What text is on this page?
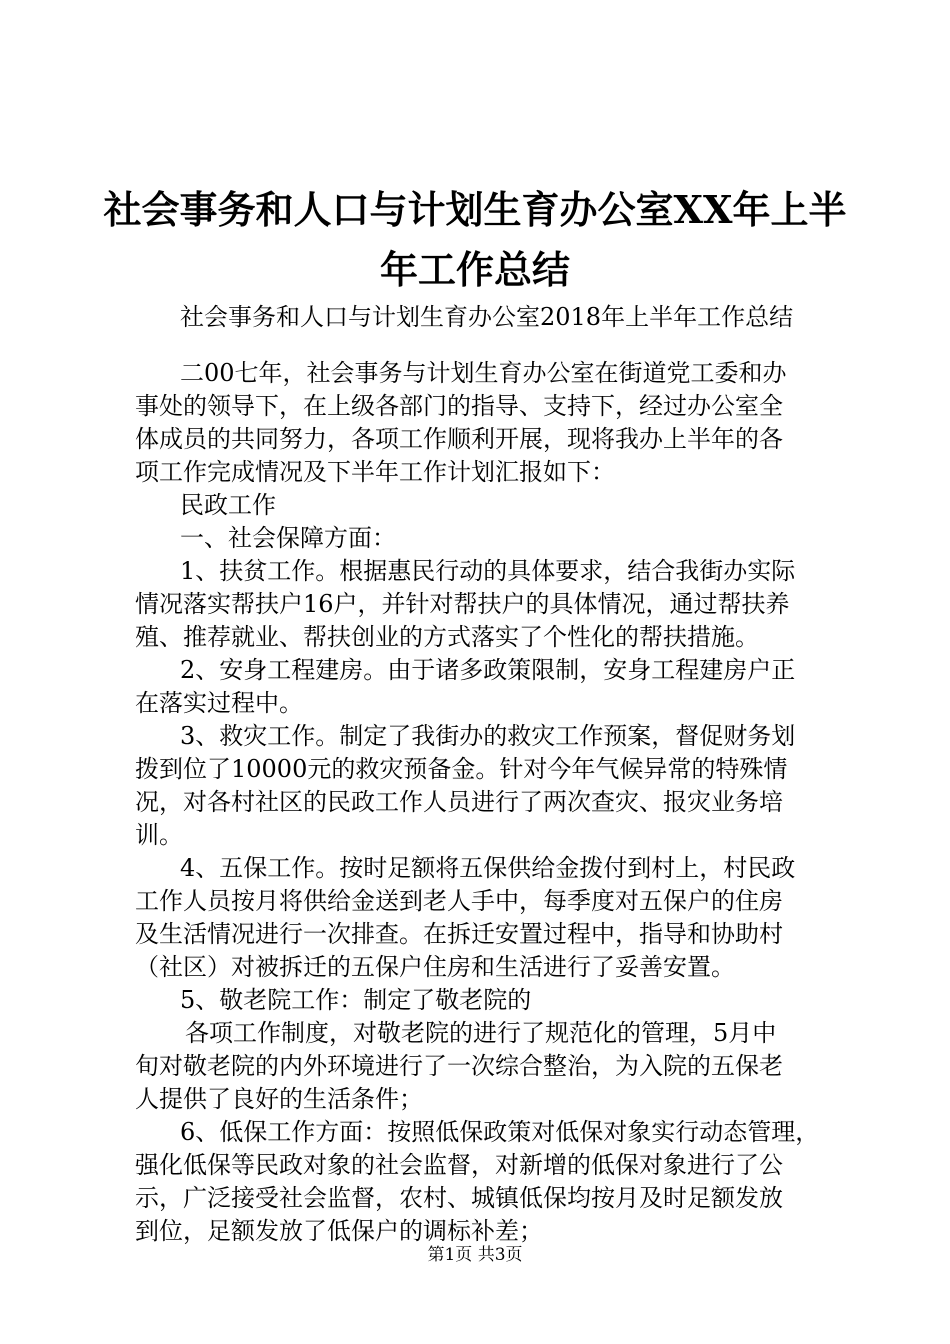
社会事务和人口与计划生育办公室XX年上半
年工作总结
社会事务和人口与计划生育办公室2018年上半年工作总结
二00七年，社会事务与计划生育办公室在街道党工委和办
事处的领导下，在上级各部门的指导、支持下，经过办公室全
体成员的共同努力，各项工作顺利开展，现将我办上半年的各
项工作完成情况及下半年工作计划汇报如下：
民政工作
一、社会保障方面：
1、扶贫工作。根据惠民行动的具体要求，结合我街办实际
情况落实帮扶户16户，并针对帮扶户的具体情况，通过帮扶养
殖、推荐就业、帮扶创业的方式落实了个性化的帮扶措施。
2、安身工程建房。由于诸多政策限制，安身工程建房户正
在落实过程中。
3、救灾工作。制定了我街办的救灾工作预案，督促财务划
拨到位了10000元的救灾预备金。针对今年气候异常的特殊情
况，对各村社区的民政工作人员进行了两次查灾、报灾业务培
训。
4、五保工作。按时足额将五保供给金拨付到村上，村民政
工作人员按月将供给金送到老人手中，每季度对五保户的住房
及生活情况进行一次排查。在拆迁安置过程中，指导和协助村
（社区）对被拆迁的五保户住房和生活进行了妥善安置。
5、敬老院工作：制定了敬老院的
各项工作制度，对敬老院的进行了规范化的管理，5月中
旬对敬老院的内外环境进行了一次综合整治，为入院的五保老
人提供了良好的生活条件；
6、低保工作方面：按照低保政策对低保对象实行动态管理，
强化低保等民政对象的社会监督，对新增的低保对象进行了公
示，广泛接受社会监督，农村、城镇低保均按月及时足额发放
到位，足额发放了低保户的调标补差；
第1页 共3页
